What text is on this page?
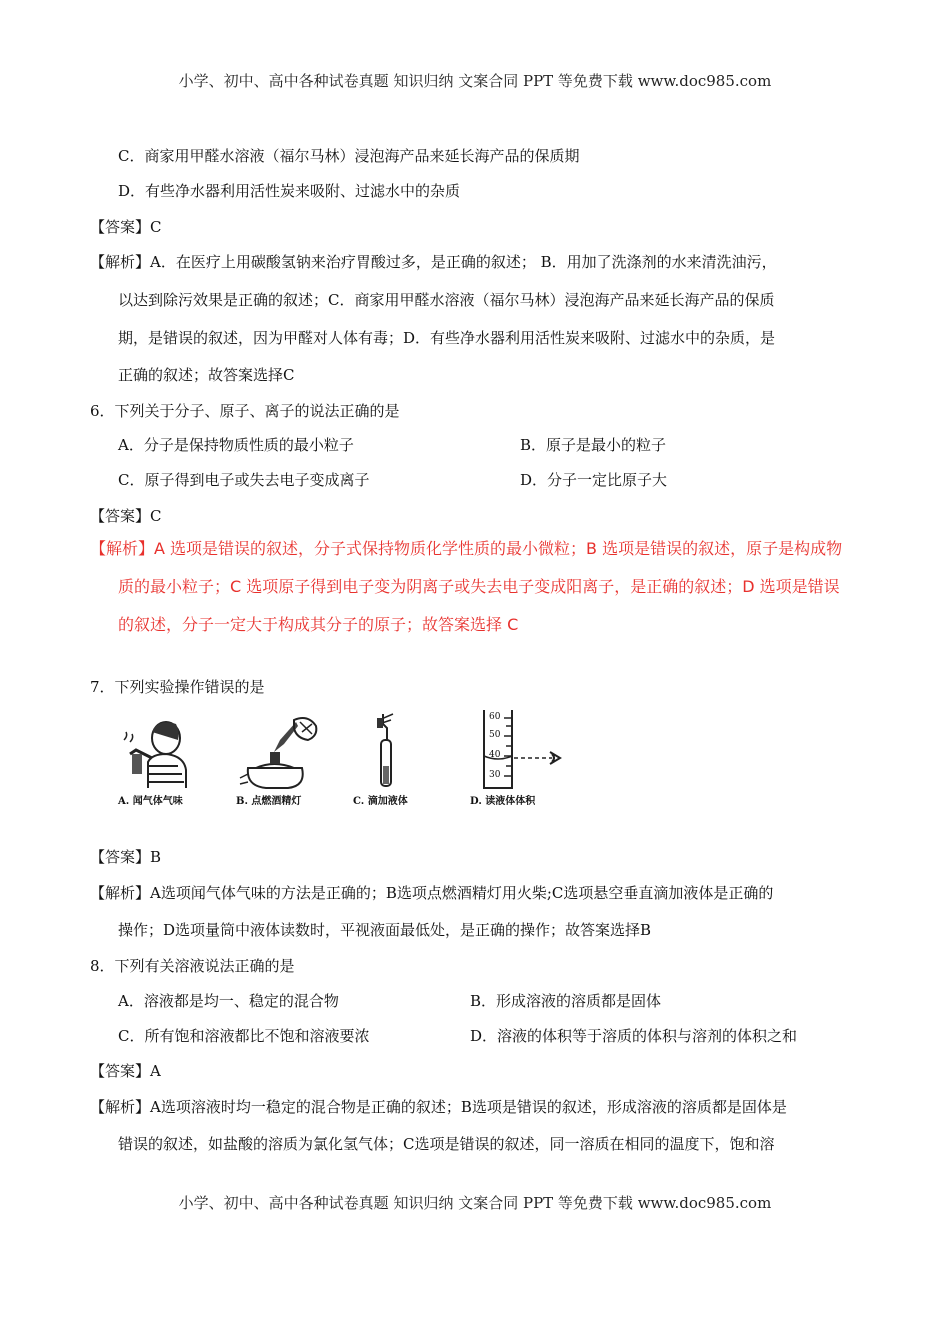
小学、初中、高中各种试卷真题 知识归纳 文案合同 PPT 等免费下载 www.doc985.com
C．商家用甲醛水溶液（福尔马林）浸泡海产品来延长海产品的保质期
D．有些净水器利用活性炭来吸附、过滤水中的杂质
【答案】C
【解析】A．在医疗上用碳酸氢钠来治疗胃酸过多，是正确的叙述； B．用加了洗涤剂的水来清洗油污，
以达到除污效果是正确的叙述；C．商家用甲醛水溶液（福尔马林）浸泡海产品来延长海产品的保质
期，是错误的叙述，因为甲醛对人体有毒；D．有些净水器利用活性炭来吸附、过滤水中的杂质，是
正确的叙述；故答案选择C
6．下列关于分子、原子、离子的说法正确的是
A．分子是保持物质性质的最小粒子	B．原子是最小的粒子
C．原子得到电子或失去电子变成离子	D．分子一定比原子大
【答案】C
【解析】A 选项是错误的叙述，分子式保持物质化学性质的最小微粒；B 选项是错误的叙述，原子是构成物
质的最小粒子；C 选项原子得到电子变为阴离子或失去电子变成阳离子，是正确的叙述；D 选项是错误
的叙述，分子一定大于构成其分子的原子；故答案选择 C
7．下列实验操作错误的是
A. 闻气体气味	B. 点燃酒精灯	C. 滴加液体
60
50
40
30
D. 读液体体积
【答案】B
【解析】A选项闻气体气味的方法是正确的；B选项点燃酒精灯用火柴;C选项悬空垂直滴加液体是正确的
操作；D选项量筒中液体读数时，平视液面最低处，是正确的操作；故答案选择B
8．下列有关溶液说法正确的是
A．溶液都是均一、稳定的混合物	B．形成溶液的溶质都是固体
C．所有饱和溶液都比不饱和溶液要浓	D．溶液的体积等于溶质的体积与溶剂的体积之和
【答案】A
【解析】A选项溶液时均一稳定的混合物是正确的叙述；B选项是错误的叙述，形成溶液的溶质都是固体是
错误的叙述，如盐酸的溶质为氯化氢气体；C选项是错误的叙述，同一溶质在相同的温度下，饱和溶
小学、初中、高中各种试卷真题 知识归纳 文案合同 PPT 等免费下载 www.doc985.com
